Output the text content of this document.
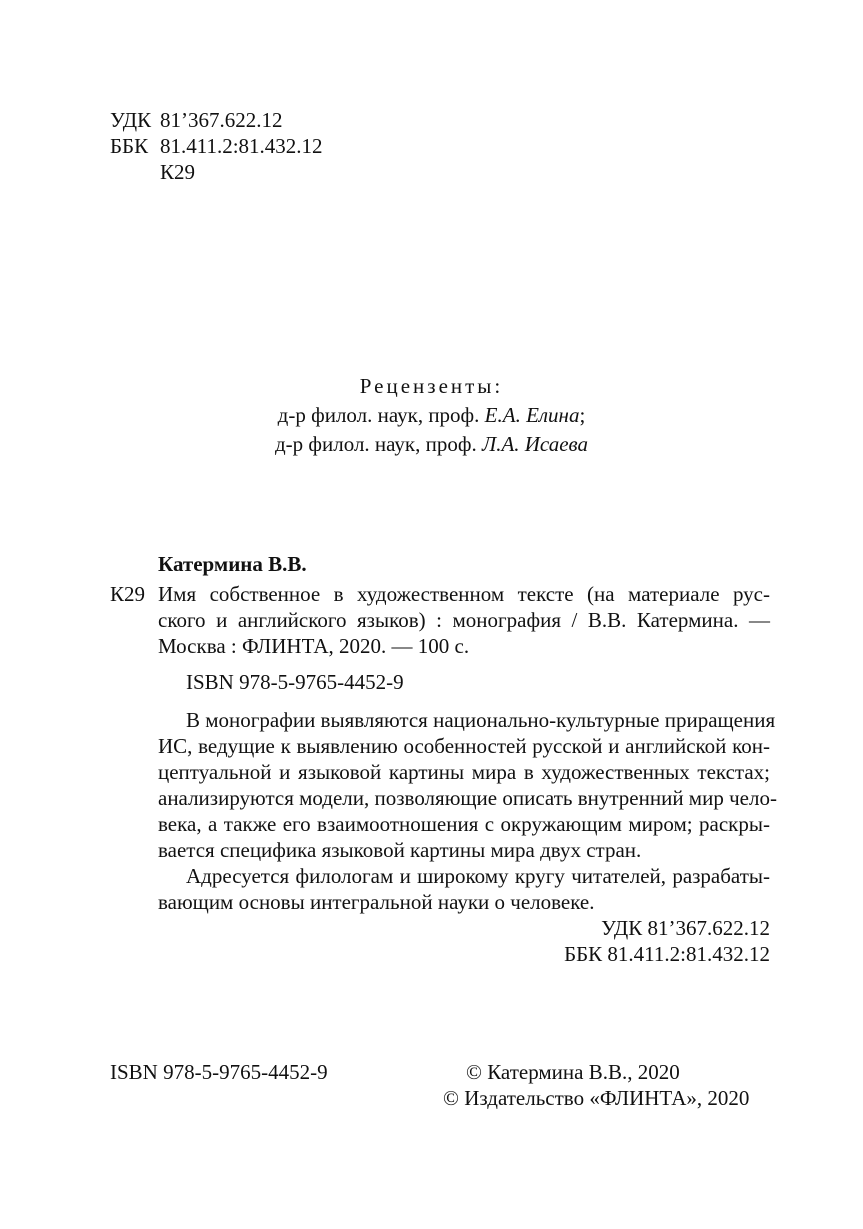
УДК 81’367.622.12
ББК 81.411.2:81.432.12
К29
Рецензенты:
д-р филол. наук, проф. Е.А. Елина;
д-р филол. наук, проф. Л.А. Исаева
Катермина В.В.
К29 Имя собственное в художественном тексте (на материале рус-
ского и английского языков) : монография / В.В. Катермина. —
Москва : ФЛИНТА, 2020. — 100 с.
ISBN 978-5-9765-4452-9
В монографии выявляются национально-культурные приращения
ИС, ведущие к выявлению особенностей русской и английской кон-
цептуальной и языковой картины мира в художественных текстах;
анализируются модели, позволяющие описать внутренний мир чело-
века, а также его взаимоотношения с окружающим миром; раскры-
вается специфика языковой картины мира двух стран.
Адресуется филологам и широкому кругу читателей, разрабаты-
вающим основы интегральной науки о человеке.
УДК 81’367.622.12
ББК 81.411.2:81.432.12
ISBN 978-5-9765-4452-9	© Катермина В.В., 2020
© Издательство «ФЛИНТА», 2020
